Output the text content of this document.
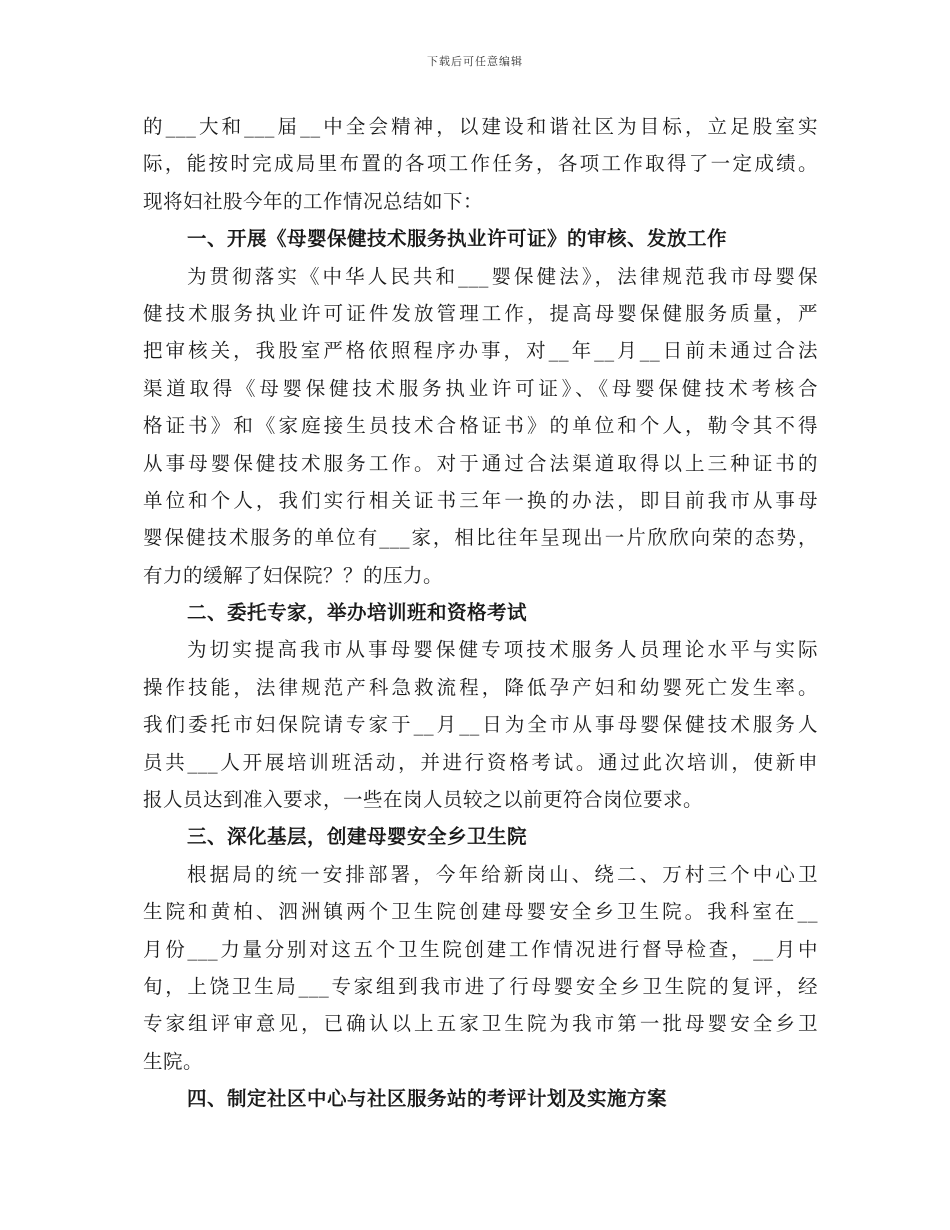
下载后可任意编辑
的___大和___届__中全会精神，以建设和谐社区为目标，立足股室实
际，能按时完成局里布置的各项工作任务，各项工作取得了一定成绩。
现将妇社股今年的工作情况总结如下：
一、开展《母婴保健技术服务执业许可证》的审核、发放工作
为贯彻落实《中华人民共和___婴保健法》，法律规范我市母婴保
健技术服务执业许可证件发放管理工作，提高母婴保健服务质量，严
把审核关，我股室严格依照程序办事，对__年__月__日前未通过合法
渠道取得《母婴保健技术服务执业许可证》、《母婴保健技术考核合
格证书》和《家庭接生员技术合格证书》的单位和个人，勒令其不得
从事母婴保健技术服务工作。对于通过合法渠道取得以上三种证书的
单位和个人，我们实行相关证书三年一换的办法，即目前我市从事母
婴保健技术服务的单位有___家，相比往年呈现出一片欣欣向荣的态势，
有力的缓解了妇保院？？的压力。
二、委托专家，举办培训班和资格考试
为切实提高我市从事母婴保健专项技术服务人员理论水平与实际
操作技能，法律规范产科急救流程，降低孕产妇和幼婴死亡发生率。
我们委托市妇保院请专家于__月__日为全市从事母婴保健技术服务人
员共___人开展培训班活动，并进行资格考试。通过此次培训，使新申
报人员达到准入要求，一些在岗人员较之以前更符合岗位要求。
三、深化基层，创建母婴安全乡卫生院
根据局的统一安排部署，今年给新岗山、绕二、万村三个中心卫
生院和黄柏、泗洲镇两个卫生院创建母婴安全乡卫生院。我科室在__
月份___力量分别对这五个卫生院创建工作情况进行督导检查，__月中
旬，上饶卫生局___专家组到我市进了行母婴安全乡卫生院的复评，经
专家组评审意见，已确认以上五家卫生院为我市第一批母婴安全乡卫
生院。
四、制定社区中心与社区服务站的考评计划及实施方案
